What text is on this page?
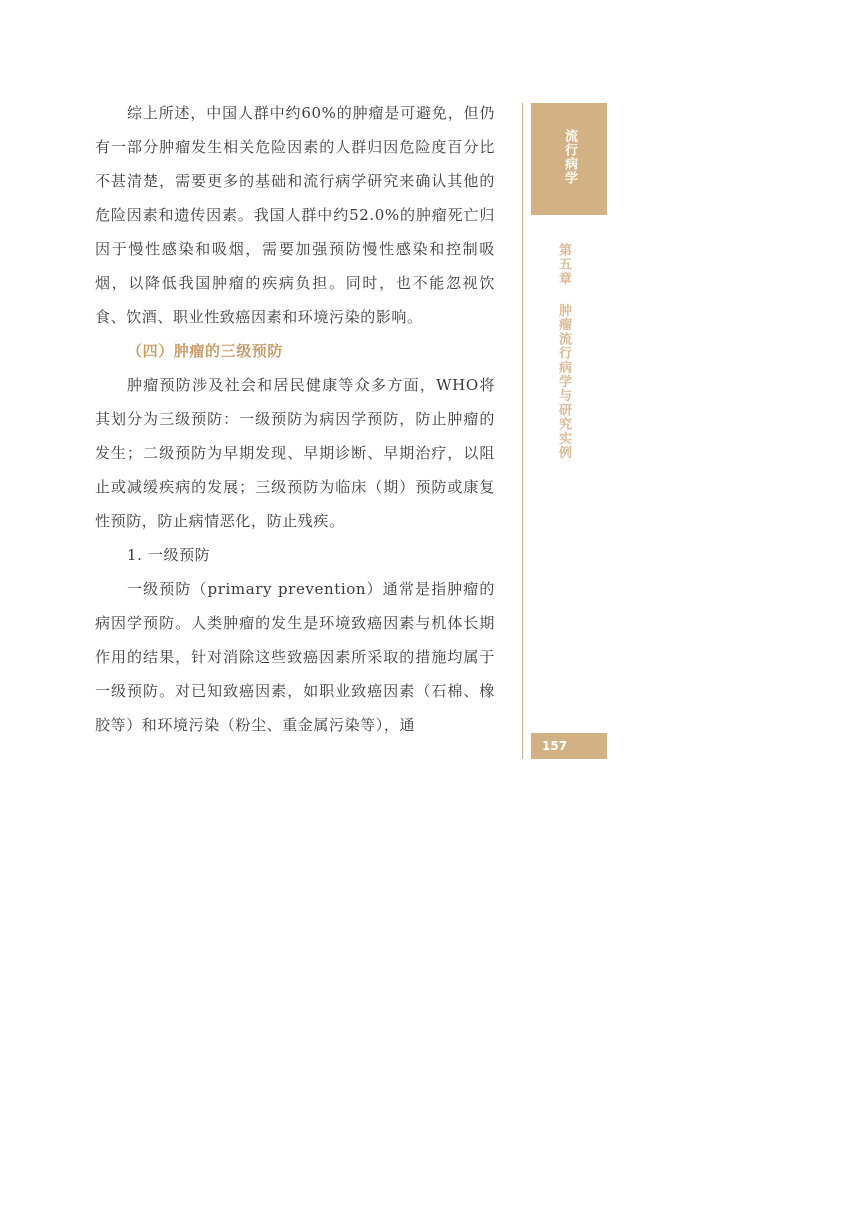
综上所述，中国人群中约60%的肿瘤是可避免，但仍有一部分肿瘤发生相关危险因素的人群归因危险度百分比不甚清楚，需要更多的基础和流行病学研究来确认其他的危险因素和遗传因素。我国人群中约52.0%的肿瘤死亡归因于慢性感染和吸烟，需要加强预防慢性感染和控制吸烟，以降低我国肿瘤的疾病负担。同时，也不能忽视饮食、饮酒、职业性致癌因素和环境污染的影响。

（四）肿瘤的三级预防

肿瘤预防涉及社会和居民健康等众多方面，WHO将其划分为三级预防：一级预防为病因学预防，防止肿瘤的发生；二级预防为早期发现、早期诊断、早期治疗，以阻止或减缓疾病的发展；三级预防为临床（期）预防或康复性预防，防止病情恶化，防止残疾。

1. 一级预防

一级预防（primary prevention）通常是指肿瘤的病因学预防。人类肿瘤的发生是环境致癌因素与机体长期作用的结果，针对消除这些致癌因素所采取的措施均属于一级预防。对已知致癌因素，如职业致癌因素（石棉、橡胶等）和环境污染（粉尘、重金属污染等），通

流行病学
第五章肿瘤流行病学与研究实例
157
